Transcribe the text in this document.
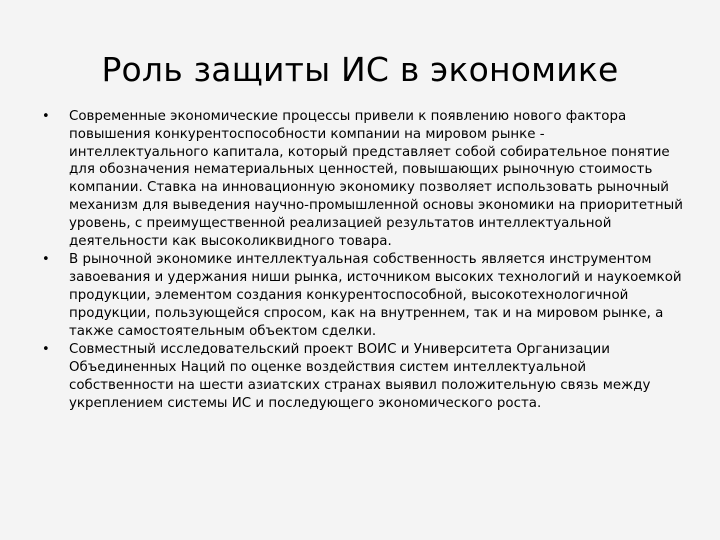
Роль защиты ИС в экономике
• Современные экономические процессы привели к появлению нового фактора повышения конкурентоспособности компании на мировом рынке - интеллектуального капитала, который представляет собой собирательное понятие для обозначения нематериальных ценностей, повышающих рыночную стоимость компании. Ставка на инновационную экономику позволяет использовать рыночный механизм для выведения научно-промышленной основы экономики на приоритетный уровень, с преимущественной реализацией результатов интеллектуальной деятельности как высоколиквидного товара.
• В рыночной экономике интеллектуальная собственность является инструментом завоевания и удержания ниши рынка, источником высоких технологий и наукоемкой продукции, элементом создания конкурентоспособной, высокотехнологичной продукции, пользующейся спросом, как на внутреннем, так и на мировом рынке, а также самостоятельным объектом сделки.
• Совместный исследовательский проект ВОИС и Университета Организации Объединенных Наций по оценке воздействия систем интеллектуальной собственности на шести азиатских странах выявил положительную связь между укреплением системы ИС и последующего экономического роста.
